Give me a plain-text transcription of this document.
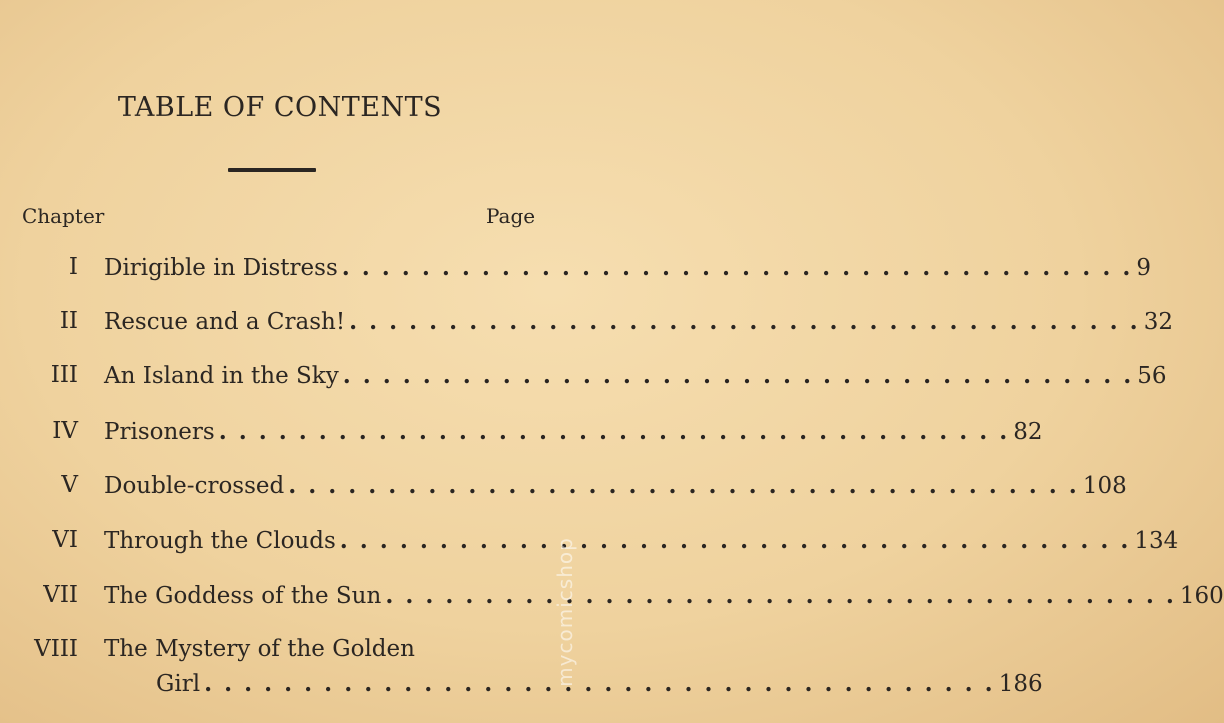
TABLE OF CONTENTS
Chapter	Page
I Dirigible in Distress . . . . . . . . . . . . . . . . . . . . . . . . . . . . . . . . . . . . . . . . 9
II Rescue and a Crash! . . . . . . . . . . . . . . . . . . . . . . . . . . . . . . . . . . . . . . . . 32
III An Island in the Sky . . . . . . . . . . . . . . . . . . . . . . . . . . . . . . . . . . . . . . . . 56
IV Prisoners . . . . . . . . . . . . . . . . . . . . . . . . . . . . . . . . . . . . . . . . 82
V Double-crossed . . . . . . . . . . . . . . . . . . . . . . . . . . . . . . . . . . . . . . . . 108
VI Through the Clouds . . . . . . . . . . . . . . . . . . . . . . . . . . . . . . . . . . . . . . . . 134
VII The Goddess of the Sun . . . . . . . . . . . . . . . . . . . . . . . . . . . . . . . . . . . . . . . . 160
VIII The Mystery of the Golden
Girl . . . . . . . . . . . . . . . . . . . . . . . . . . . . . . . . . . . . . . . . 186
mycomicshop
